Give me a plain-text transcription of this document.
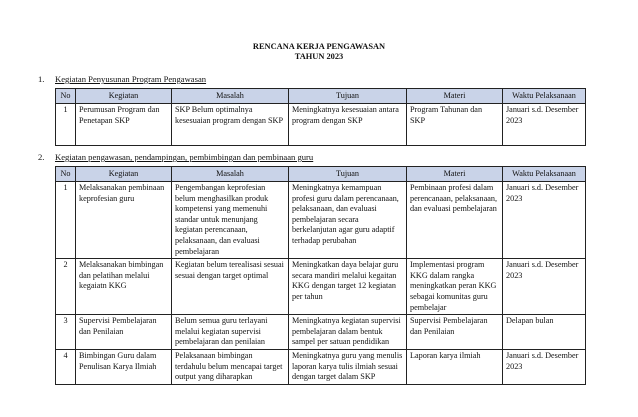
RENCANA KERJA PENGAWASAN
TAHUN 2023
1. Kegiatan Penyusunan Program Pengawasan
No	Kegiatan	Masalah	Tujuan	Materi	Waktu Pelaksanaan
1	Perumusan Program dan Penetapan SKP	SKP Belum optimalnya kesesuaian program dengan SKP	Meningkatnya kesesuaian antara program dengan SKP	Program Tahunan dan SKP	Januari s.d. Desember 2023
2. Kegiatan pengawasan, pendampingan, pembimbingan dan pembinaan guru
No	Kegiatan	Masalah	Tujuan	Materi	Waktu Pelaksanaan
1	Melaksanakan pembinaan keprofesian guru	Pengembangan keprofesian belum menghasilkan produk kompetensi yang memenuhi standar untuk menunjang kegiatan perencanaan, pelaksanaan, dan evaluasi pembelajaran	Meningkatnya kemampuan profesi guru dalam perencanaan, pelaksanaan, dan evaluasi pembelajaran secara berkelanjutan agar guru adaptif terhadap perubahan	Pembinaan profesi dalam perencanaan, pelaksanaan, dan evaluasi pembelajaran	Januari s.d. Desember 2023
2	Melaksanakan bimbingan dan pelatihan melalui kegaiatn KKG	Kegiatan belum terealisasi sesuai sesuai dengan target optimal	Meningkatkan daya belajar guru secara mandiri melalui kegaitan KKG dengan target 12 kegiatan per tahun	Implementasi program KKG dalam rangka meningkatkan peran KKG sebagai komunitas guru pembelajar	Januari s.d. Desember 2023
3	Supervisi Pembelajaran dan Penilaian	Belum semua guru terlayani melalui kegiatan supervisi pembelajaran dan penilaian	Meningkatnya kegiatan supervisi pembelajaran dalam bentuk sampel per satuan pendidikan	Supervisi Pembelajaran dan Penilaian	Delapan bulan
4	Bimbingan Guru dalam Penulisan Karya Ilmiah	Pelaksanaan bimbingan terdahulu belum mencapai target output yang diharapkan	Meningkatnya guru yang menulis laporan karya tulis ilmiah sesuai dengan target dalam SKP	Laporan karya ilmiah	Januari s.d. Desember 2023
